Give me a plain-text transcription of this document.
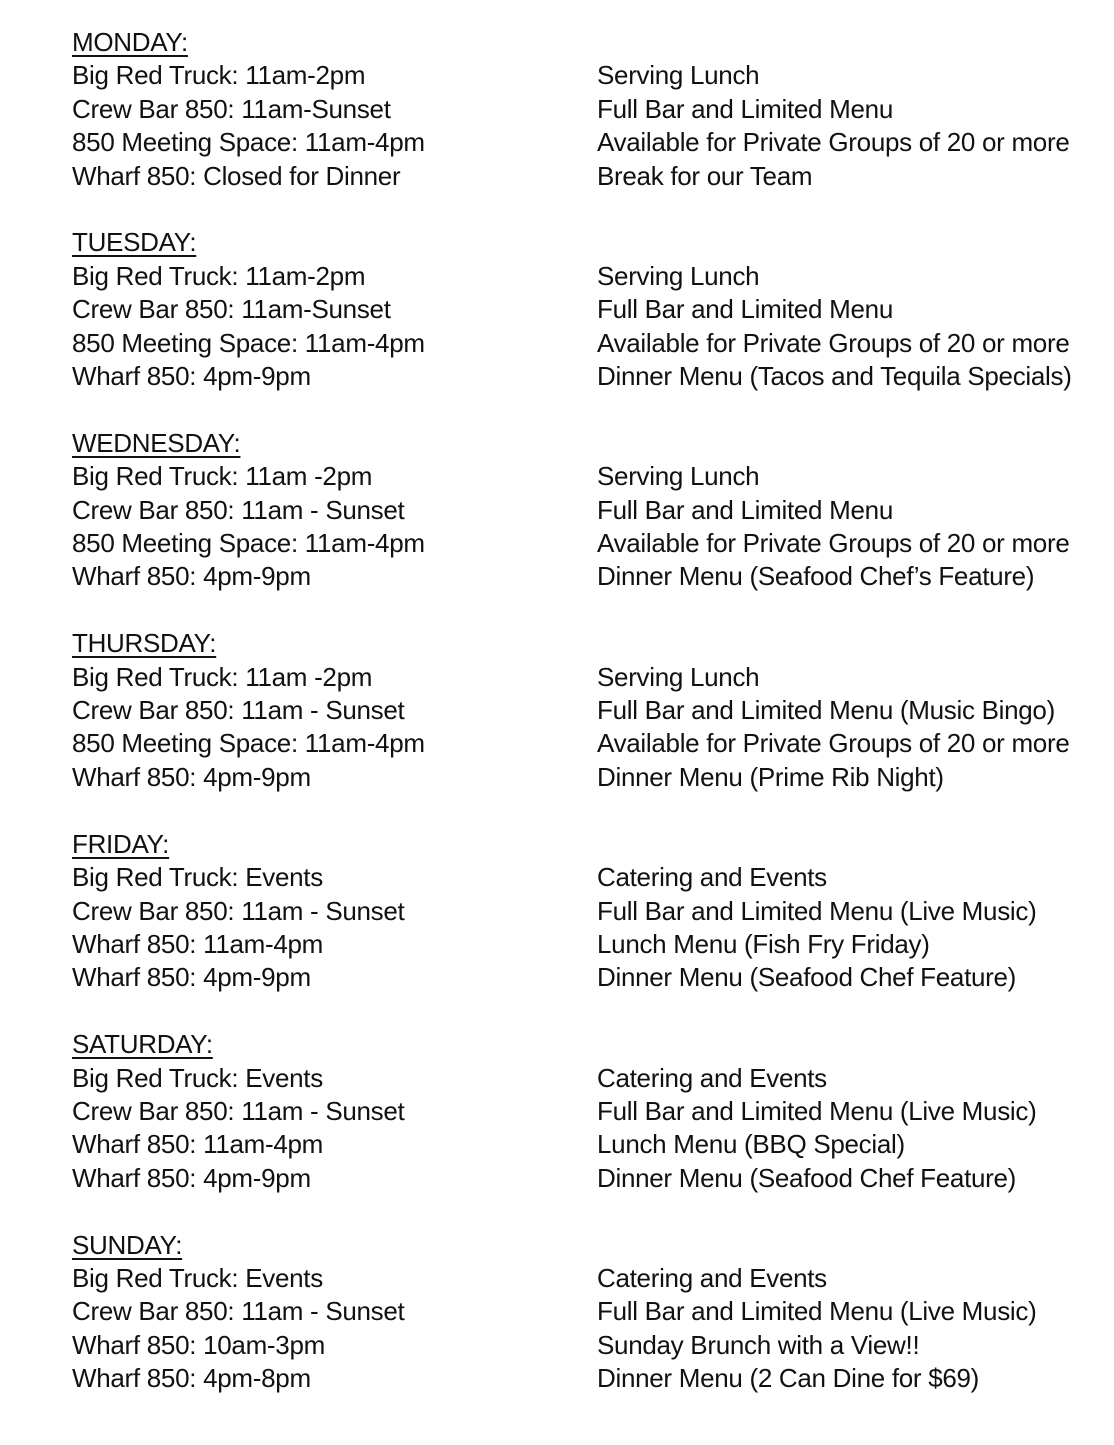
MONDAY:
Big Red Truck: 11am-2pm	Serving Lunch
Crew Bar 850: 11am-Sunset	Full Bar and Limited Menu
850 Meeting Space: 11am-4pm	Available for Private Groups of 20 or more
Wharf 850: Closed for Dinner	Break for our Team
TUESDAY:
Big Red Truck: 11am-2pm	Serving Lunch
Crew Bar 850: 11am-Sunset	Full Bar and Limited Menu
850 Meeting Space: 11am-4pm	Available for Private Groups of 20 or more
Wharf 850: 4pm-9pm	Dinner Menu (Tacos and Tequila Specials)
WEDNESDAY:
Big Red Truck: 11am -2pm	Serving Lunch
Crew Bar 850: 11am - Sunset	Full Bar and Limited Menu
850 Meeting Space: 11am-4pm	Available for Private Groups of 20 or more
Wharf 850: 4pm-9pm	Dinner Menu (Seafood Chef’s Feature)
THURSDAY:
Big Red Truck: 11am -2pm	Serving Lunch
Crew Bar 850: 11am - Sunset	Full Bar and Limited Menu (Music Bingo)
850 Meeting Space: 11am-4pm	Available for Private Groups of 20 or more
Wharf 850: 4pm-9pm	Dinner Menu (Prime Rib Night)
FRIDAY:
Big Red Truck: Events	Catering and Events
Crew Bar 850: 11am - Sunset	Full Bar and Limited Menu (Live Music)
Wharf 850: 11am-4pm	Lunch Menu (Fish Fry Friday)
Wharf 850: 4pm-9pm	Dinner Menu (Seafood Chef Feature)
SATURDAY:
Big Red Truck: Events	Catering and Events
Crew Bar 850: 11am - Sunset	Full Bar and Limited Menu (Live Music)
Wharf 850: 11am-4pm	Lunch Menu (BBQ Special)
Wharf 850: 4pm-9pm	Dinner Menu (Seafood Chef Feature)
SUNDAY:
Big Red Truck: Events	Catering and Events
Crew Bar 850: 11am - Sunset	Full Bar and Limited Menu (Live Music)
Wharf 850: 10am-3pm	Sunday Brunch with a View!!
Wharf 850: 4pm-8pm	Dinner Menu (2 Can Dine for $69)
